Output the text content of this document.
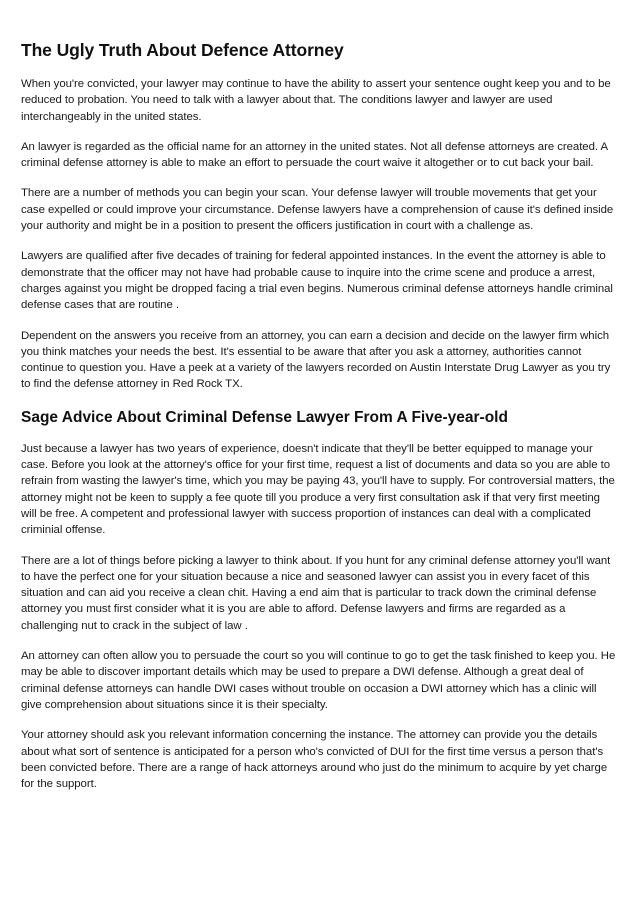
The Ugly Truth About Defence Attorney

When you're convicted, your lawyer may continue to have the ability to assert your sentence ought keep you and to be reduced to probation. You need to talk with a lawyer about that. The conditions lawyer and lawyer are used interchangeably in the united states.

An lawyer is regarded as the official name for an attorney in the united states. Not all defense attorneys are created. A criminal defense attorney is able to make an effort to persuade the court waive it altogether or to cut back your bail.

There are a number of methods you can begin your scan. Your defense lawyer will trouble movements that get your case expelled or could improve your circumstance. Defense lawyers have a comprehension of cause it's defined inside your authority and might be in a position to present the officers justification in court with a challenge as.

Lawyers are qualified after five decades of training for federal appointed instances. In the event the attorney is able to demonstrate that the officer may not have had probable cause to inquire into the crime scene and produce a arrest, charges against you might be dropped facing a trial even begins. Numerous criminal defense attorneys handle criminal defense cases that are routine .

Dependent on the answers you receive from an attorney, you can earn a decision and decide on the lawyer firm which you think matches your needs the best. It's essential to be aware that after you ask a attorney, authorities cannot continue to question you. Have a peek at a variety of the lawyers recorded on Austin Interstate Drug Lawyer as you try to find the defense attorney in Red Rock TX.

Sage Advice About Criminal Defense Lawyer From A Five-year-old

Just because a lawyer has two years of experience, doesn't indicate that they'll be better equipped to manage your case. Before you look at the attorney's office for your first time, request a list of documents and data so you are able to refrain from wasting the lawyer's time, which you may be paying 43, you'll have to supply. For controversial matters, the attorney might not be keen to supply a fee quote till you produce a very first consultation ask if that very first meeting will be free. A competent and professional lawyer with success proportion of instances can deal with a complicated criminial offense.

There are a lot of things before picking a lawyer to think about. If you hunt for any criminal defense attorney you'll want to have the perfect one for your situation because a nice and seasoned lawyer can assist you in every facet of this situation and can aid you receive a clean chit. Having a end aim that is particular to track down the criminal defense attorney you must first consider what it is you are able to afford. Defense lawyers and firms are regarded as a challenging nut to crack in the subject of law .

An attorney can often allow you to persuade the court so you will continue to go to get the task finished to keep you. He may be able to discover important details which may be used to prepare a DWI defense. Although a great deal of criminal defense attorneys can handle DWI cases without trouble on occasion a DWI attorney which has a clinic will give comprehension about situations since it is their specialty.

Your attorney should ask you relevant information concerning the instance. The attorney can provide you the details about what sort of sentence is anticipated for a person who's convicted of DUI for the first time versus a person that's been convicted before. There are a range of hack attorneys around who just do the minimum to acquire by yet charge for the support.
